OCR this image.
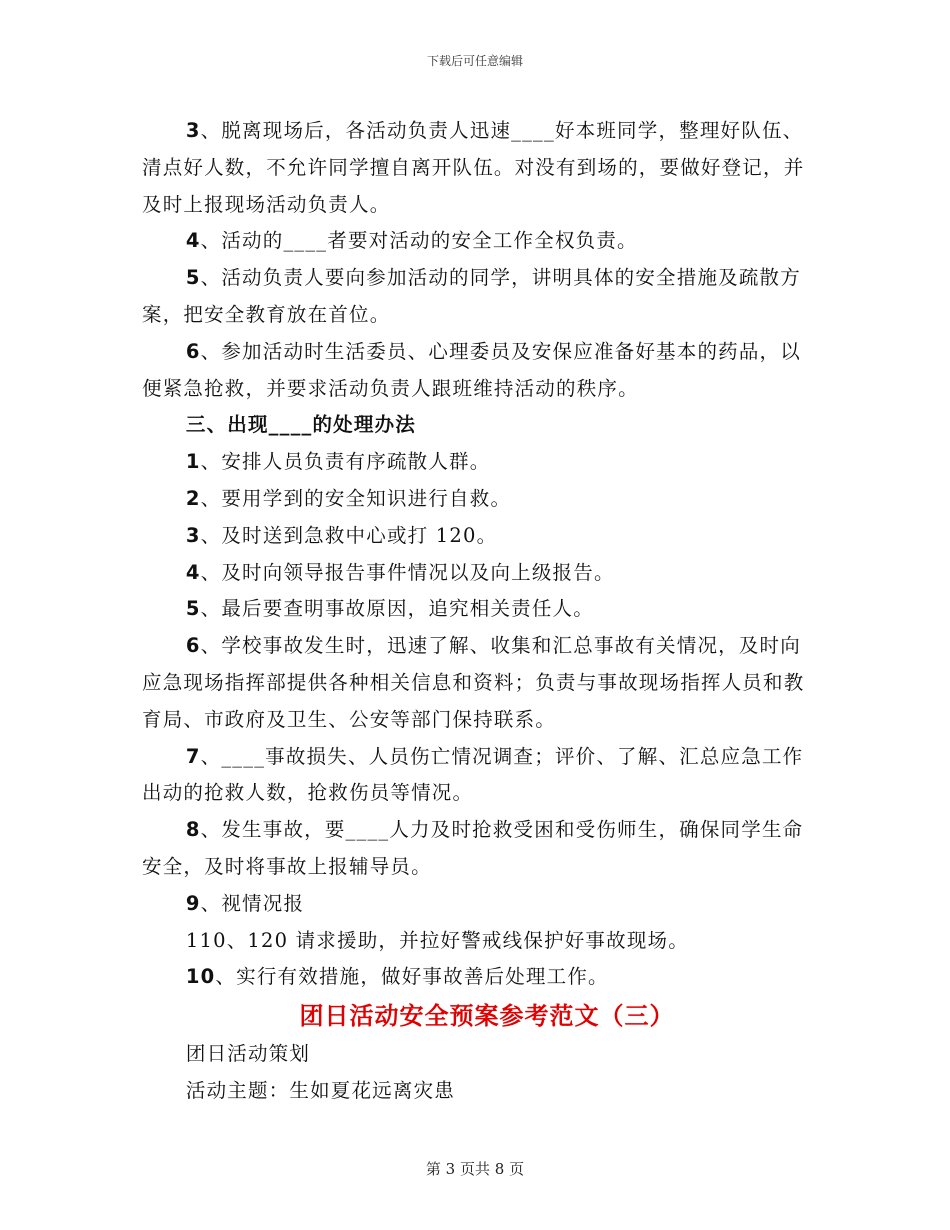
下载后可任意编辑

3、脱离现场后，各活动负责人迅速____好本班同学，整理好队伍、清点好人数，不允许同学擅自离开队伍。对没有到场的，要做好登记，并及时上报现场活动负责人。

4、活动的____者要对活动的安全工作全权负责。

5、活动负责人要向参加活动的同学，讲明具体的安全措施及疏散方案，把安全教育放在首位。

6、参加活动时生活委员、心理委员及安保应准备好基本的药品，以便紧急抢救，并要求活动负责人跟班维持活动的秩序。

三、出现____的处理办法

1、安排人员负责有序疏散人群。

2、要用学到的安全知识进行自救。

3、及时送到急救中心或打 120。

4、及时向领导报告事件情况以及向上级报告。

5、最后要查明事故原因，追究相关责任人。

6、学校事故发生时，迅速了解、收集和汇总事故有关情况，及时向应急现场指挥部提供各种相关信息和资料；负责与事故现场指挥人员和教育局、市政府及卫生、公安等部门保持联系。

7、____事故损失、人员伤亡情况调查；评价、了解、汇总应急工作出动的抢救人数，抢救伤员等情况。

8、发生事故，要____人力及时抢救受困和受伤师生，确保同学生命安全，及时将事故上报辅导员。

9、视情况报

110、120 请求援助，并拉好警戒线保护好事故现场。

10、实行有效措施，做好事故善后处理工作。

团日活动安全预案参考范文（三）

团日活动策划

活动主题：生如夏花远离灾患

第 3 页共 8 页
